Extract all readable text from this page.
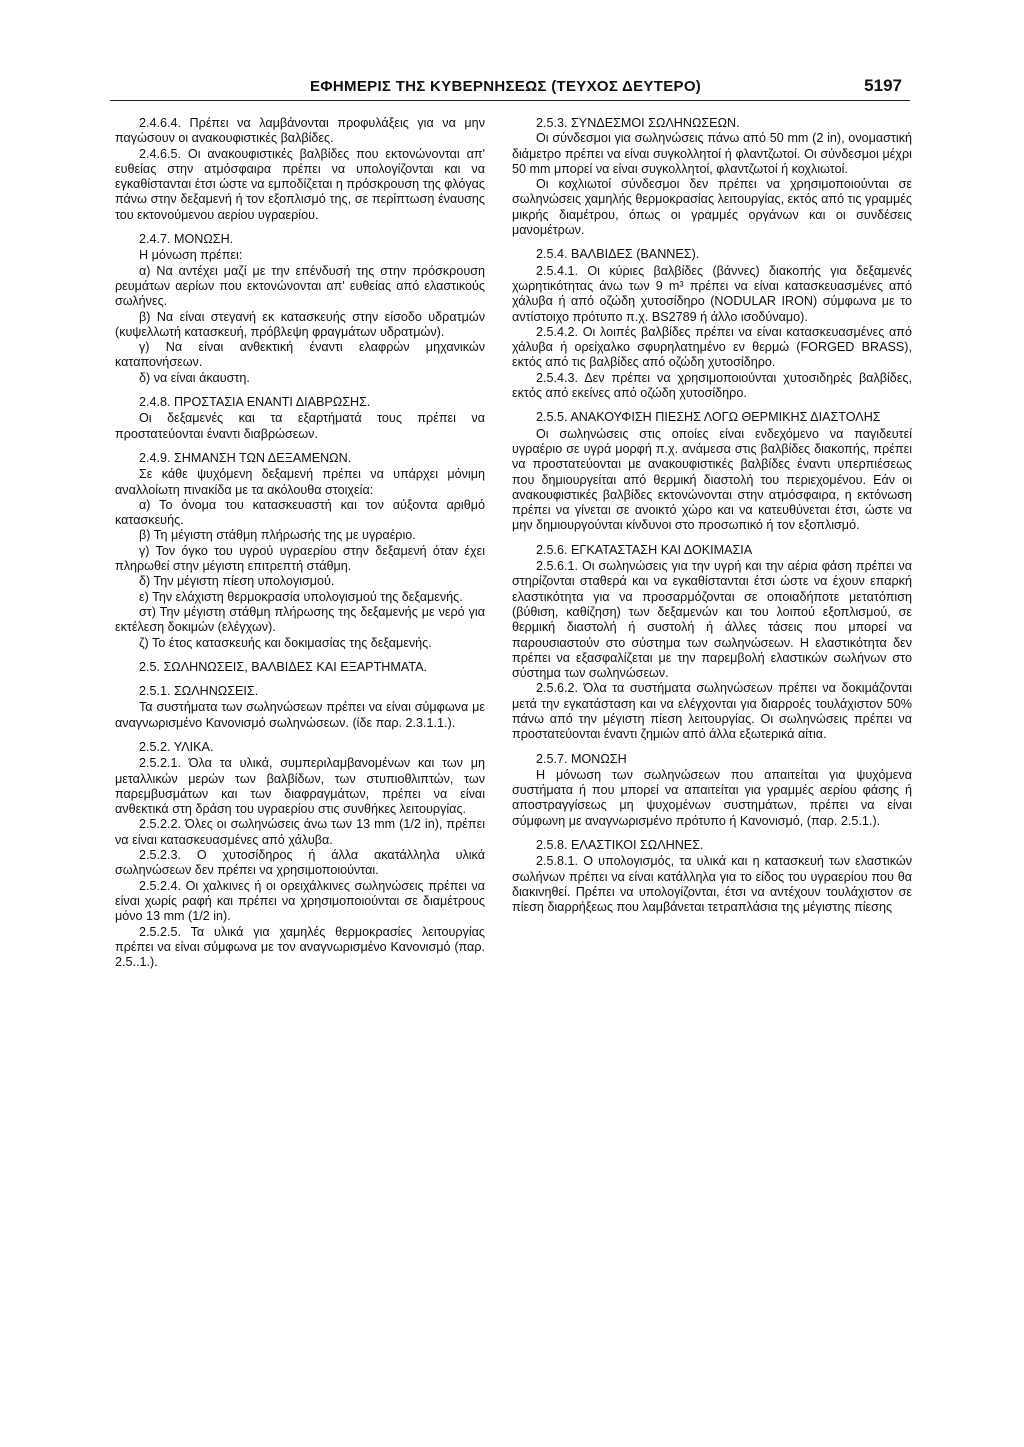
ΕΦΗΜΕΡΙΣ ΤΗΣ ΚΥΒΕΡΝΗΣΕΩΣ (ΤΕΥΧΟΣ ΔΕΥΤΕΡΟ)	5197

2.4.6.4. Πρέπει να λαμβάνονται προφυλάξεις για να μην παγώσουν οι ανακουφιστικές βαλβίδες.

2.4.6.5. Οι ανακουφιστικές βαλβίδες που εκτονώνονται απ' ευθείας στην ατμόσφαιρα πρέπει να υπολογίζονται και να εγκαθίστανται έτσι ώστε να εμποδίζεται η πρόσκρουση της φλόγας πάνω στην δεξαμενή ή τον εξοπλισμό της, σε περίπτωση έναυσης του εκτονούμενου αερίου υγραερίου.

2.4.7. ΜΟΝΩΣΗ.

Η μόνωση πρέπει:

α) Να αντέχει μαζί με την επένδυσή της στην πρόσκρουση ρευμάτων αερίων που εκτονώνονται απ' ευθείας από ελαστικούς σωλήνες.

β) Να είναι στεγανή εκ κατασκευής στην είσοδο υδρατμών (κυψελλωτή κατασκευή, πρόβλεψη φραγμάτων υδρατμών).

γ) Να είναι ανθεκτική έναντι ελαφρών μηχανικών καταπονήσεων.

δ) να είναι άκαυστη.

2.4.8. ΠΡΟΣΤΑΣΙΑ ΕΝΑΝΤΙ ΔΙΑΒΡΩΣΗΣ.

Οι δεξαμενές και τα εξαρτήματά τους πρέπει να προστατεύονται έναντι διαβρώσεων.

2.4.9. ΣΗΜΑΝΣΗ ΤΩΝ ΔΕΞΑΜΕΝΩΝ.

Σε κάθε ψυχόμενη δεξαμενή πρέπει να υπάρχει μόνιμη αναλλοίωτη πινακίδα με τα ακόλουθα στοιχεία:

α) Το όνομα του κατασκευαστή και τον αύξοντα αριθμό κατασκευής.

β) Τη μέγιστη στάθμη πλήρωσής της με υγραέριο.

γ) Τον όγκο του υγρού υγραερίου στην δεξαμενή όταν έχει πληρωθεί στην μέγιστη επιτρεπτή στάθμη.

δ) Την μέγιστη πίεση υπολογισμού.

ε) Την ελάχιστη θερμοκρασία υπολογισμού της δεξαμενής.

στ) Την μέγιστη στάθμη πλήρωσης της δεξαμενής με νερό για εκτέλεση δοκιμών (ελέγχων).

ζ) Το έτος κατασκευής και δοκιμασίας της δεξαμενής.

2.5. ΣΩΛΗΝΩΣΕΙΣ, ΒΑΛΒΙΔΕΣ ΚΑΙ ΕΞΑΡΤΗΜΑΤΑ.

2.5.1. ΣΩΛΗΝΩΣΕΙΣ.

Τα συστήματα των σωληνώσεων πρέπει να είναι σύμφωνα με αναγνωρισμένο Κανονισμό σωληνώσεων. (ίδε παρ. 2.3.1.1.).

2.5.2. ΥΛΙΚΑ.

2.5.2.1. Όλα τα υλικά, συμπεριλαμβανομένων και των μη μεταλλικών μερών των βαλβίδων, των στυπιοθλιπτών, των παρεμβυσμάτων και των διαφραγμάτων, πρέπει να είναι ανθεκτικά στη δράση του υγραερίου στις συνθήκες λειτουργίας.

2.5.2.2. Όλες οι σωληνώσεις άνω των 13 mm (1/2 in), πρέπει να είναι κατασκευασμένες από χάλυβα.

2.5.2.3. Ο χυτοσίδηρος ή άλλα ακατάλληλα υλικά σωληνώσεων δεν πρέπει να χρησιμοποιούνται.

2.5.2.4. Οι χαλκινες ή οι ορειχάλκινες σωληνώσεις πρέπει να είναι χωρίς ραφή και πρέπει να χρησιμοποιούνται σε διαμέτρους μόνο 13 mm (1/2 in).

2.5.2.5. Τα υλικά για χαμηλές θερμοκρασίες λειτουργίας πρέπει να είναι σύμφωνα με τον αναγνωρισμένο Κανονισμό (παρ. 2.5..1.).

2.5.3. ΣΥΝΔΕΣΜΟΙ ΣΩΛΗΝΩΣΕΩΝ.

Οι σύνδεσμοι για σωληνώσεις πάνω από 50 mm (2 in), ονομαστική διάμετρο πρέπει να είναι συγκολλητοί ή φλαντζωτοί. Οι σύνδεσμοι μέχρι 50 mm μπορεί να είναι συγκολλητοί, φλαντζωτοί ή κοχλιωτοί.

Οι κοχλιωτοί σύνδεσμοι δεν πρέπει να χρησιμοποιούνται σε σωληνώσεις χαμηλής θερμοκρασίας λειτουργίας, εκτός από τις γραμμές μικρής διαμέτρου, όπως οι γραμμές οργάνων και οι συνδέσεις μανομέτρων.

2.5.4. ΒΑΛΒΙΔΕΣ (ΒΑΝΝΕΣ).

2.5.4.1. Οι κύριες βαλβίδες (βάννες) διακοπής για δεξαμενές χωρητικότητας άνω των 9 m³ πρέπει να είναι κατασκευασμένες από χάλυβα ή από οζώδη χυτοσίδηρο (NODULAR IRON) σύμφωνα με το αντίστοιχο πρότυπο π.χ. BS2789 ή άλλο ισοδύναμο).

2.5.4.2. Οι λοιπές βαλβίδες πρέπει να είναι κατασκευασμένες από χάλυβα ή ορείχαλκο σφυρηλατημένο εν θερμώ (FORGED BRASS), εκτός από τις βαλβίδες από οζώδη χυτοσίδηρο.

2.5.4.3. Δεν πρέπει να χρησιμοποιούνται χυτοσιδηρές βαλβίδες, εκτός από εκείνες από οζώδη χυτοσίδηρο.

2.5.5. ΑΝΑΚΟΥΦΙΣΗ ΠΙΕΣΗΣ ΛΟΓΩ ΘΕΡΜΙΚΗΣ ΔΙΑΣΤΟΛΗΣ

Οι σωληνώσεις στις οποίες είναι ενδεχόμενο να παγιδευτεί υγραέριο σε υγρά μορφή π.χ. ανάμεσα στις βαλβίδες διακοπής, πρέπει να προστατεύονται με ανακουφιστικές βαλβίδες έναντι υπερπιέσεως που δημιουργείται από θερμική διαστολή του περιεχομένου. Εάν οι ανακουφιστικές βαλβίδες εκτονώνονται στην ατμόσφαιρα, η εκτόνωση πρέπει να γίνεται σε ανοικτό χώρο και να κατευθύνεται έτσι, ώστε να μην δημιουργούνται κίνδυνοι στο προσωπικό ή τον εξοπλισμό.

2.5.6. ΕΓΚΑΤΑΣΤΑΣΗ ΚΑΙ ΔΟΚΙΜΑΣΙΑ

2.5.6.1. Οι σωληνώσεις για την υγρή και την αέρια φάση πρέπει να στηρίζονται σταθερά και να εγκαθίστανται έτσι ώστε να έχουν επαρκή ελαστικότητα για να προσαρμόζονται σε οποιαδήποτε μετατόπιση (βύθιση, καθίζηση) των δεξαμενών και του λοιπού εξοπλισμού, σε θερμική διαστολή ή συστολή ή άλλες τάσεις που μπορεί να παρουσιαστούν στο σύστημα των σωληνώσεων. Η ελαστικότητα δεν πρέπει να εξασφαλίζεται με την παρεμβολή ελαστικών σωλήνων στο σύστημα των σωληνώσεων.

2.5.6.2. Όλα τα συστήματα σωληνώσεων πρέπει να δοκιμάζονται μετά την εγκατάσταση και να ελέγχονται για διαρροές τουλάχιστον 50% πάνω από την μέγιστη πίεση λειτουργίας. Οι σωληνώσεις πρέπει να προστατεύονται έναντι ζημιών από άλλα εξωτερικά αίτια.

2.5.7. ΜΟΝΩΣΗ

Η μόνωση των σωληνώσεων που απαιτείται για ψυχόμενα συστήματα ή που μπορεί να απαιτείται για γραμμές αερίου φάσης ή αποστραγγίσεως μη ψυχομένων συστημάτων, πρέπει να είναι σύμφωνη με αναγνωρισμένο πρότυπο ή Κανονισμό, (παρ. 2.5.1.).

2.5.8. ΕΛΑΣΤΙΚΟΙ ΣΩΛΗΝΕΣ.

2.5.8.1. Ο υπολογισμός, τα υλικά και η κατασκευή των ελαστικών σωλήνων πρέπει να είναι κατάλληλα για το είδος του υγραερίου που θα διακινηθεί. Πρέπει να υπολογίζονται, έτσι να αντέχουν τουλάχιστον σε πίεση διαρρήξεως που λαμβάνεται τετραπλάσια της μέγιστης πίεσης
